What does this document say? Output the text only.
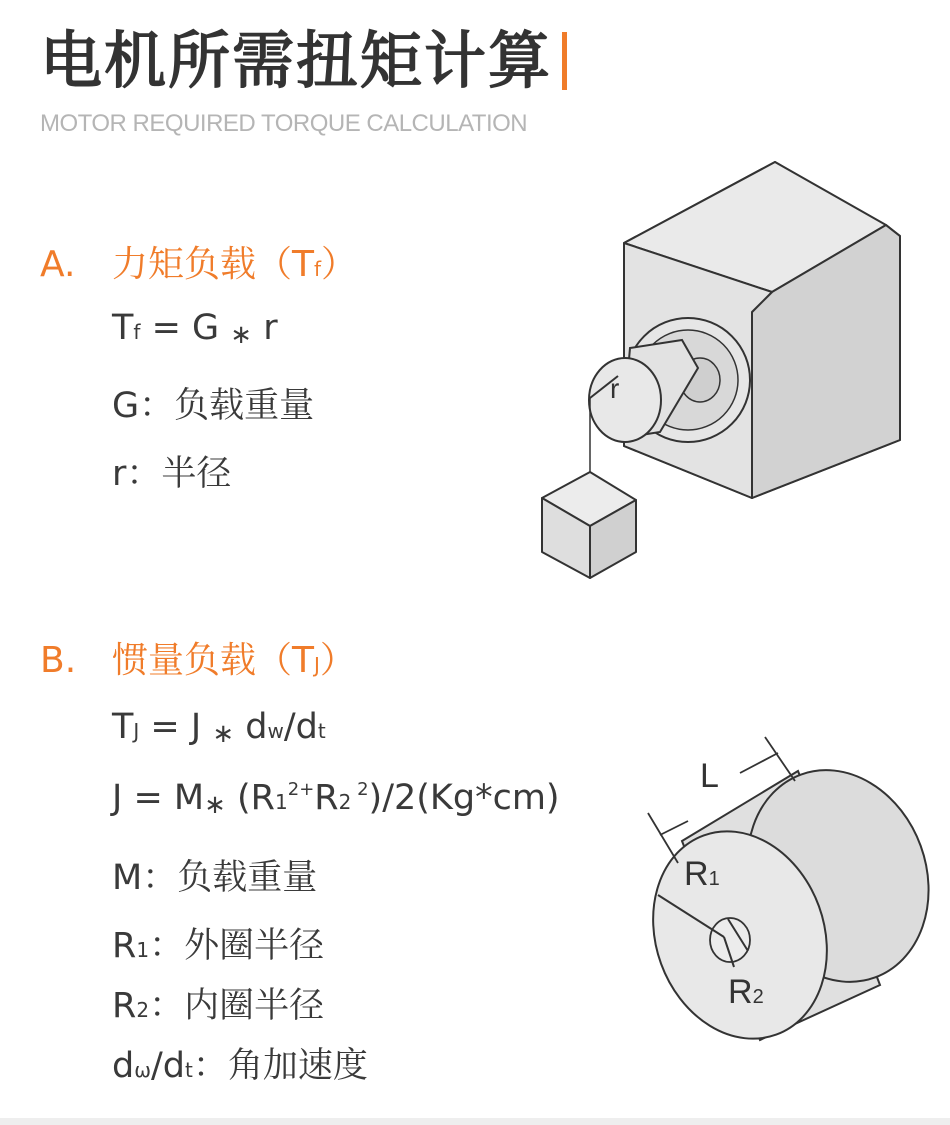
电机所需扭矩计算
MOTOR REQUIRED TORQUE CALCULATION
A. 力矩负载（Tf）
Tf = G ∗ r
G：负载重量
r：半径
r
B. 惯量负载（TJ）
TJ = J ∗ dw/dt
J = M∗ ($R1^{2+}R2$ $^2$)/2(Kg*cm)
M：负载重量
R1：外圈半径
R2：内圈半径
dω/dt：角加速度
L
R1
R2
